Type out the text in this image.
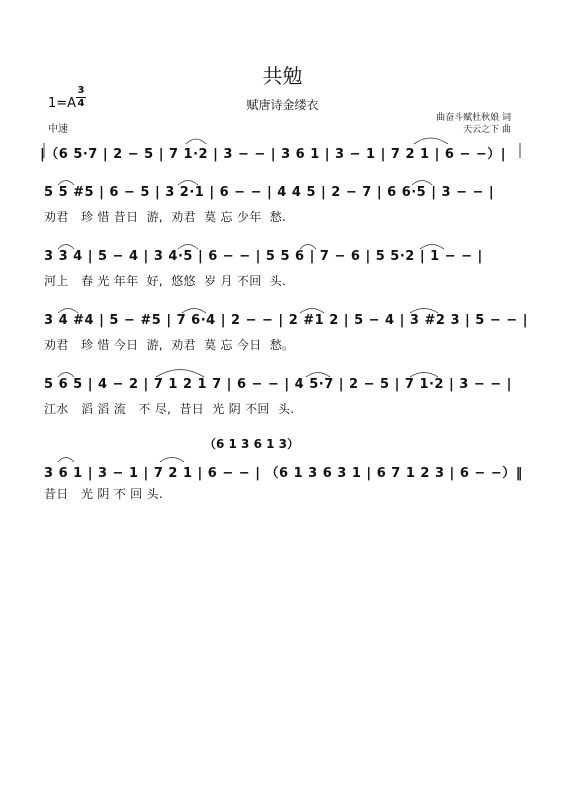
共勉
赋唐诗金缕衣
1=A
3
4
中速
曲奋斗赋杜秋娘 词
天云之下 曲
|（6 5·7 | 2 − 5 | 7 1·2 | 3 − − | 3 6 1 | 3 − 1 | 7 2 1 | 6 − −）|
5 5 #5 | 6 − 5 | 3 2·1 | 6 − − | 4 4 5 | 2 − 7 | 6 6·5 | 3 − − |
劝君   珍 惜 昔日  游,  劝君  莫 忘 少年  愁.
3 3 4 | 5 − 4 | 3 4·5 | 6 − − | 5 5 6 | 7 − 6 | 5 5·2 | 1 − − |
河上   春 光 年年  好,  悠悠  岁 月 不回  头.
3 4 #4 | 5 − #5 | 7 6·4 | 2 − − | 2 #1 2 | 5 − 4 | 3 #2 3 | 5 − − |
劝君   珍 惜 今日  游,  劝君  莫 忘 今日  愁。
5 6 5 | 4 − 2 | 7 1 2 1 7 | 6 − − | 4 5·7 | 2 − 5 | 7 1·2 | 3 − − |
江水   滔 滔 流   不 尽,  昔日  光 阴 不回  头.
（6 1 3 6 1 3）
3 6 1 | 3 − 1 | 7 2 1 | 6 − − | （6 1 3 6 3 1 | 6 7 1 2 3 | 6 − −）‖
昔日   光 阴 不 回 头.
